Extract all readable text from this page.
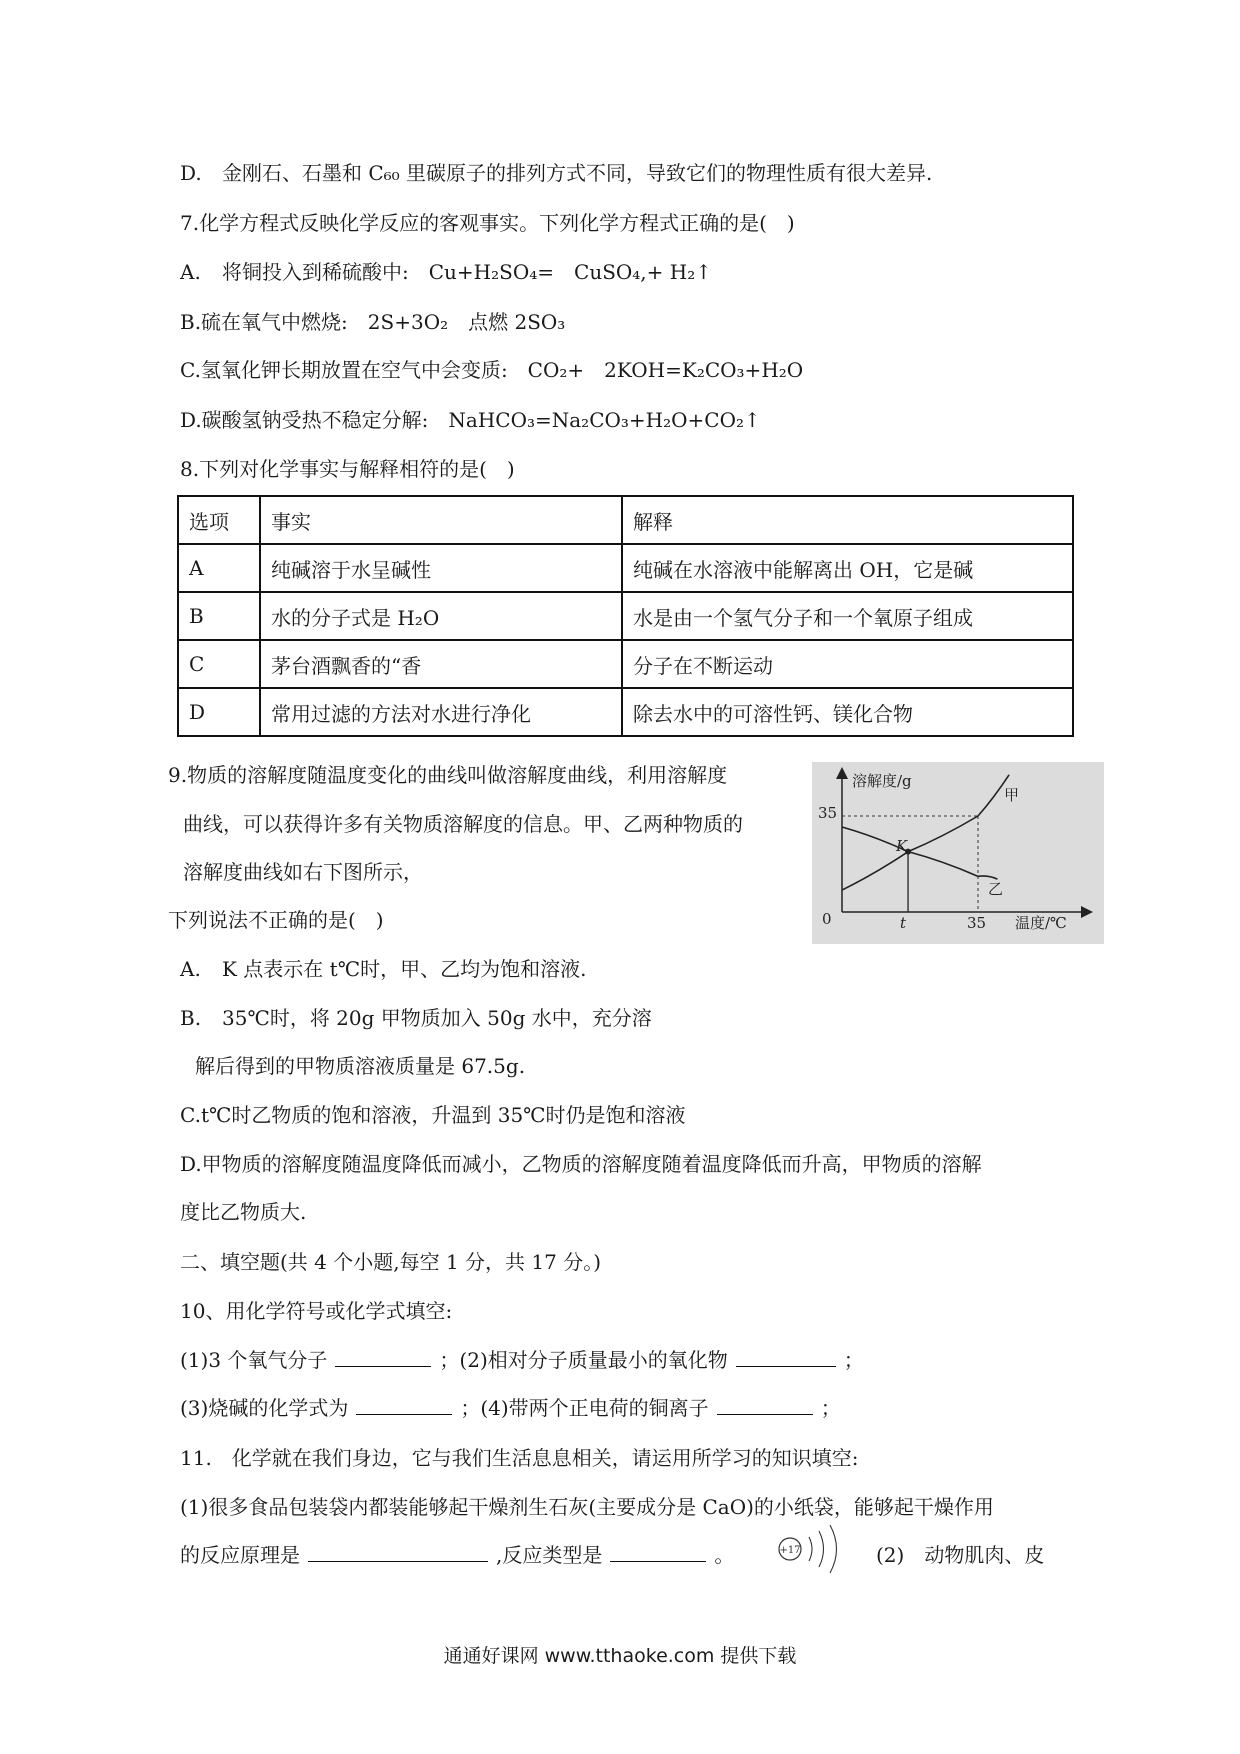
D. 金刚石、石墨和 C₆₀ 里碳原子的排列方式不同，导致它们的物理性质有很大差异.
7.化学方程式反映化学反应的客观事实。下列化学方程式正确的是(　)
A. 将铜投入到稀硫酸中:　Cu+H₂SO₄=　CuSO₄,+ H₂↑
B.硫在氧气中燃烧:　2S+3O₂　点燃 2SO₃
C.氢氧化钾长期放置在空气中会变质:　CO₂+　2KOH=K₂CO₃+H₂O
D.碳酸氢钠受热不稳定分解:　NaHCO₃=Na₂CO₃+H₂O+CO₂↑
8.下列对化学事实与解释相符的是(　)
选项	事实	解释
A	纯碱溶于水呈碱性	纯碱在水溶液中能解离出 OH，它是碱
B	水的分子式是 H₂O	水是由一个氢气分子和一个氧原子组成
C	茅台酒飘香的“香	分子在不断运动
D	常用过滤的方法对水进行净化	除去水中的可溶性钙、镁化合物
9.物质的溶解度随温度变化的曲线叫做溶解度曲线，利用溶解度
曲线，可以获得许多有关物质溶解度的信息。甲、乙两种物质的
溶解度曲线如右下图所示，
下列说法不正确的是(　)
溶解度/g
35
0	t	35 温度/℃
K
甲
乙
A. K 点表示在 t℃时，甲、乙均为饱和溶液.
B. 35℃时，将 20g 甲物质加入 50g 水中，充分溶
解后得到的甲物质溶液质量是 67.5g.
C.t℃时乙物质的饱和溶液，升温到 35℃时仍是饱和溶液
D.甲物质的溶解度随温度降低而减小，乙物质的溶解度随着温度降低而升高，甲物质的溶解
度比乙物质大.
二、填空题(共 4 个小题,每空 1 分，共 17 分。)
10、用化学符号或化学式填空:
(1)3 个氧气分子	；(2)相对分子质量最小的氧化物	；
(3)烧碱的化学式为	；(4)带两个正电荷的铜离子	；
11.　化学就在我们身边，它与我们生活息息相关，请运用所学习的知识填空:
(1)很多食品包装袋内都装能够起干燥剂生石灰(主要成分是 CaO)的小纸袋，能够起干燥作用
的反应原理是	,反应类型是	。	(2)　动物肌肉、皮
+17
通通好课网 www.tthaoke.com 提供下载
